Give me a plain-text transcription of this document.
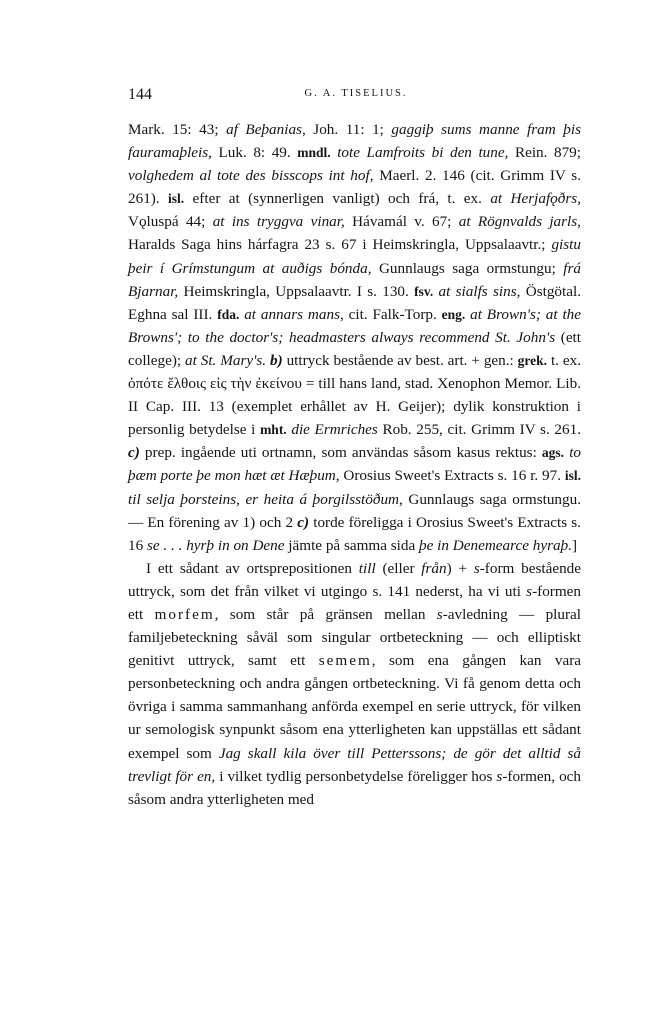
144	G. A. TISELIUS.

Mark. 15: 43; af Beþanias, Joh. 11: 1; gaggiþ sums manne fram þis fauramaþleis, Luk. 8: 49. mndl. tote Lamfroits bi den tune, Rein. 879; volghedem al tote des bisscops int hof, Maerl. 2. 146 (cit. Grimm IV s. 261). isl. efter at (synnerligen vanligt) och frá, t. ex. at Herjafǫðrs, Vǫluspá 44; at ins tryggva vinar, Hávamál v. 67; at Rögnvalds jarls, Haralds Saga hins hárfagra 23 s. 67 i Heimskringla, Uppsalaavtr.; gistu þeir í Grímstungum at auðigs bónda, Gunnlaugs saga ormstungu; frá Bjarnar, Heimskringla, Uppsalaavtr. I s. 130. fsv. at sialfs sins, Östgötal. Eghna sal III. fda. at annars mans, cit. Falk-Torp. eng. at Brown's; at the Browns'; to the doctor's; headmasters always recommend St. John's (ett college); at St. Mary's. b) uttryck bestående av best. art. + gen.: grek. t. ex. ὁπότε ἔλθοις εἰς τὴν ἐκείνου = till hans land, stad. Xenophon Memor. Lib. II Cap. III. 13 (exemplet erhållet av H. Geijer); dylik konstruktion i personlig betydelse i mht. die Ermriches Rob. 255, cit. Grimm IV s. 261. c) prep. ingående uti ortnamn, som användas såsom kasus rektus: ags. to þæm porte þe mon hæt æt Hæþum, Orosius Sweet's Extracts s. 16 r. 97. isl. til selja þorsteins, er heita á þorgilsstöðum, Gunnlaugs saga ormstungu. — En förening av 1) och 2 c) torde föreligga i Orosius Sweet's Extracts s. 16 se . . . hyrþ in on Dene jämte på samma sida þe in Denemearce hyraþ.]

I ett sådant av ortsprepositionen till (eller från) + s-form bestående uttryck, som det från vilket vi utgingo s. 141 nederst, ha vi uti s-formen ett morfem, som står på gränsen mellan s-avledning — plural familjebeteckning såväl som singular ortbeteckning — och elliptiskt genitivt uttryck, samt ett semem, som ena gången kan vara personbeteckning och andra gången ortbeteckning. Vi få genom detta och övriga i samma sammanhang anförda exempel en serie uttryck, för vilken ur semologisk synpunkt såsom ena ytterligheten kan uppställas ett sådant exempel som Jag skall kila över till Petterssons; de gör det alltid så trevligt för en, i vilket tydlig personbetydelse föreligger hos s-formen, och såsom andra ytterligheten med
